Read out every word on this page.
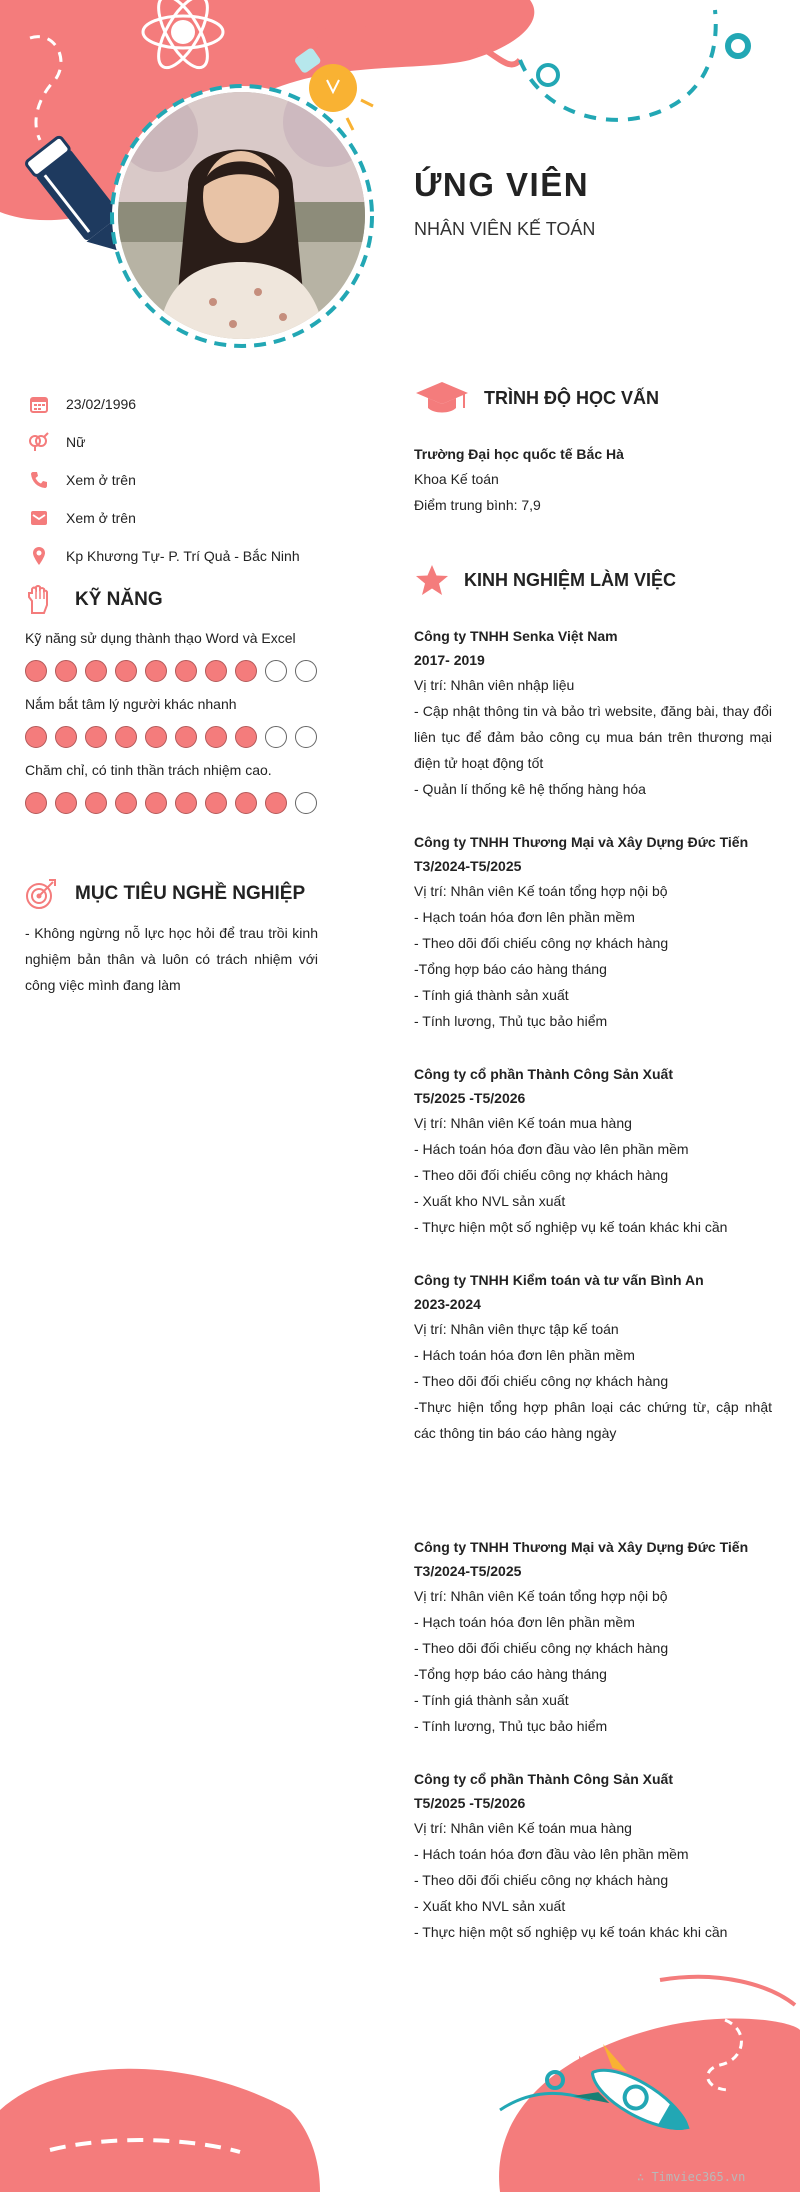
ỨNG VIÊN
NHÂN VIÊN KẾ TOÁN
23/02/1996
Nữ
Xem ở trên
Xem ở trên
Kp Khương Tự- P. Trí Quả - Bắc Ninh
KỸ NĂNG
Kỹ năng sử dụng thành thạo Word và Excel
Nắm bắt tâm lý người khác nhanh
Chăm chỉ, có tinh thần trách nhiệm cao.
MỤC TIÊU NGHỀ NGHIỆP
- Không ngừng nỗ lực học hỏi để trau trồi kinh nghiệm bản thân và luôn có trách nhiệm với công việc mình đang làm
TRÌNH ĐỘ HỌC VẤN
Trường Đại học quốc tế Bắc Hà
Khoa Kế toán
Điểm trung bình: 7,9
KINH NGHIỆM LÀM VIỆC
Công ty TNHH Senka Việt Nam
2017- 2019
Vị trí: Nhân viên nhập liệu
- Cập nhật thông tin và bảo trì website, đăng bài, thay đổi liên tục để đảm bảo công cụ mua bán trên thương mại điện tử hoạt động tốt
- Quản lí thống kê hệ thống hàng hóa
Công ty TNHH Thương Mại và Xây Dựng Đức Tiến
T3/2024-T5/2025
Vị trí: Nhân viên Kế toán tổng hợp nội bộ
- Hạch toán hóa đơn lên phần mềm
- Theo dõi đối chiếu công nợ khách hàng
-Tổng hợp báo cáo hàng tháng
- Tính giá thành sản xuất
- Tính lương, Thủ tục bảo hiểm
Công ty cổ phần Thành Công Sản Xuất
T5/2025 -T5/2026
Vị trí: Nhân viên Kế toán mua hàng
- Hách toán hóa đơn đầu vào lên phần mềm
- Theo dõi đối chiếu công nợ khách hàng
- Xuất kho NVL sản xuất
- Thực hiện một số nghiệp vụ kế toán khác khi cần
Công ty TNHH Kiểm toán và tư vấn Bình An
2023-2024
Vị trí: Nhân viên thực tập kế toán
- Hách toán hóa đơn lên phần mềm
- Theo dõi đối chiếu công nợ khách hàng
-Thực hiện tổng hợp phân loại các chứng từ, cập nhật các thông tin báo cáo hàng ngày
Công ty TNHH Thương Mại và Xây Dựng Đức Tiến
T3/2024-T5/2025
Vị trí: Nhân viên Kế toán tổng hợp nội bộ
- Hạch toán hóa đơn lên phần mềm
- Theo dõi đối chiếu công nợ khách hàng
-Tổng hợp báo cáo hàng tháng
- Tính giá thành sản xuất
- Tính lương, Thủ tục bảo hiểm
Công ty cổ phần Thành Công Sản Xuất
T5/2025 -T5/2026
Vị trí: Nhân viên Kế toán mua hàng
- Hách toán hóa đơn đầu vào lên phần mềm
- Theo dõi đối chiếu công nợ khách hàng
- Xuất kho NVL sản xuất
- Thực hiện một số nghiệp vụ kế toán khác khi cần
∴ Timviec365.vn
